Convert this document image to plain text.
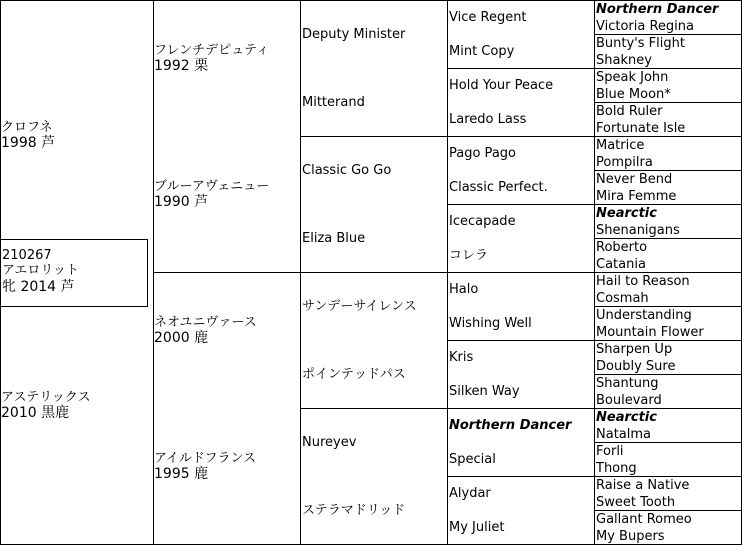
210267
アエロリット
牝 2014 芦
クロフネ
1998 芦
アステリックス
2010 黒鹿
フレンチデピュティ
1992 栗
ブルーアヴェニュー
1990 芦
ネオユニヴァース
2000 鹿
アイルドフランス
1995 鹿
Deputy Minister
Mitterand
Classic Go Go
Eliza Blue
サンデーサイレンス
ポインテッドパス
Nureyev
ステラマドリッド
Vice Regent
Mint Copy
Hold Your Peace
Laredo Lass
Pago Pago
Classic Perfect.
Icecapade
コレラ
Halo
Wishing Well
Kris
Silken Way
Northern Dancer
Special
Alydar
My Juliet
Northern Dancer
Victoria Regina
Bunty's Flight
Shakney
Speak John
Blue Moon*
Bold Ruler
Fortunate Isle
Matrice
Pompilra
Never Bend
Mira Femme
Nearctic
Shenanigans
Roberto
Catania
Hail to Reason
Cosmah
Understanding
Mountain Flower
Sharpen Up
Doubly Sure
Shantung
Boulevard
Nearctic
Natalma
Forli
Thong
Raise a Native
Sweet Tooth
Gallant Romeo
My Bupers
